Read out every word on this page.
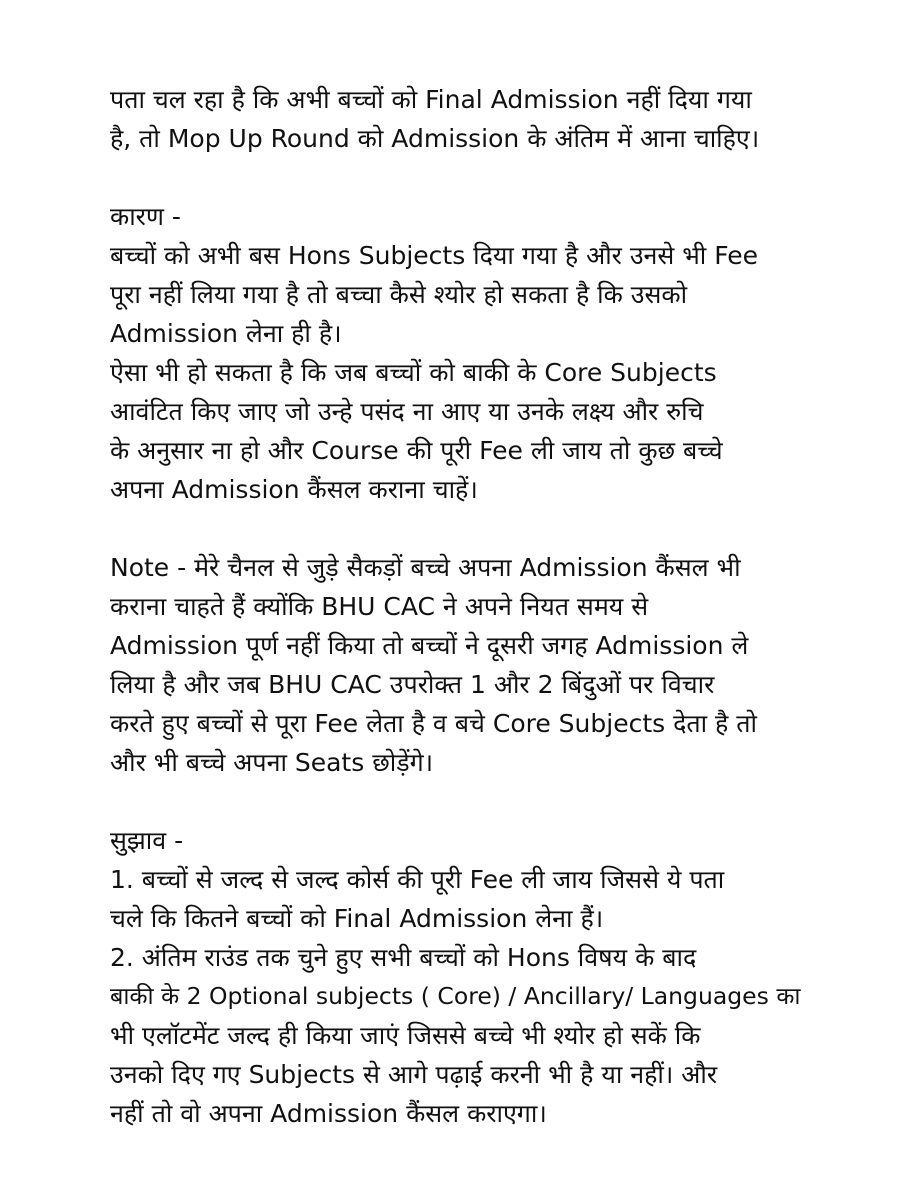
पता चल रहा है कि अभी बच्चों को Final Admission नहीं दिया गया
है, तो Mop Up Round को Admission के अंतिम में आना चाहिए।
कारण -
बच्चों को अभी बस Hons Subjects दिया गया है और उनसे भी Fee
पूरा नहीं लिया गया है तो बच्चा कैसे श्योर हो सकता है कि उसको
Admission लेना ही है।
ऐसा भी हो सकता है कि जब बच्चों को बाकी के Core Subjects
आवंटित किए जाए जो उन्हे पसंद ना आए या उनके लक्ष्य और रुचि
के अनुसार ना हो और Course की पूरी Fee ली जाय तो कुछ बच्चे
अपना Admission कैंसल कराना चाहें।
Note - मेरे चैनल से जुड़े सैकड़ों बच्चे अपना Admission कैंसल भी
कराना चाहते हैं क्योंकि BHU CAC ने अपने नियत समय से
Admission पूर्ण नहीं किया तो बच्चों ने दूसरी जगह Admission ले
लिया है और जब BHU CAC उपरोक्त 1 और 2 बिंदुओं पर विचार
करते हुए बच्चों से पूरा Fee लेता है व बचे Core Subjects देता है तो
और भी बच्चे अपना Seats छोड़ेंगे।
सुझाव -
1. बच्चों से जल्द से जल्द कोर्स की पूरी Fee ली जाय जिससे ये पता
चले कि कितने बच्चों को Final Admission लेना हैं।
2. अंतिम राउंड तक चुने हुए सभी बच्चों को Hons विषय के बाद
बाकी के 2 Optional subjects ( Core) / Ancillary/ Languages का
भी एलॉटमेंट जल्द ही किया जाएं जिससे बच्चे भी श्योर हो सकें कि
उनको दिए गए Subjects से आगे पढ़ाई करनी भी है या नहीं। और
नहीं तो वो अपना Admission कैंसल कराएगा।
